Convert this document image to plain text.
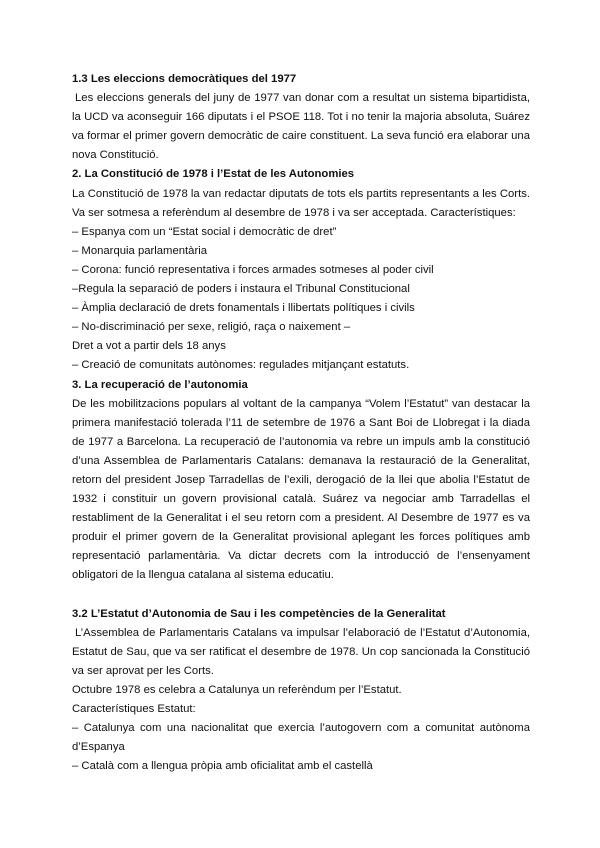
1.3 Les eleccions democràtiques del 1977

Les eleccions generals del juny de 1977 van donar com a resultat un sistema bipartidista, la UCD va aconseguir 166 diputats i el PSOE 118. Tot i no tenir la majoria absoluta, Suárez va formar el primer govern democràtic de caire constituent. La seva funció era elaborar una nova Constitució.

2. La Constitució de 1978 i l’Estat de les Autonomies

La Constitució de 1978 la van redactar diputats de tots els partits representants a les Corts. Va ser sotmesa a referèndum al desembre de 1978 i va ser acceptada. Característiques:

– Espanya com un “Estat social i democràtic de dret”

– Monarquia parlamentària

– Corona: funció representativa i forces armades sotmeses al poder civil

–Regula la separació de poders i instaura el Tribunal Constitucional

– Àmplia declaració de drets fonamentals i llibertats polítiques i civils

– No-discriminació per sexe, religió, raça o naixement –

Dret a vot a partir dels 18 anys

– Creació de comunitats autònomes: regulades mitjançant estatuts.

3. La recuperació de l’autonomia

De les mobilitzacions populars al voltant de la campanya “Volem l’Estatut” van destacar la primera manifestació tolerada l’11 de setembre de 1976 a Sant Boi de Llobregat i la diada de 1977 a Barcelona. La recuperació de l’autonomia va rebre un impuls amb la constitució d’una Assemblea de Parlamentaris Catalans: demanava la restauració de la Generalitat, retorn del president Josep Tarradellas de l’exili, derogació de la llei que abolia l’Estatut de 1932 i constituir un govern provisional català. Suárez va negociar amb Tarradellas el restabliment de la Generalitat i el seu retorn com a president. Al Desembre de 1977 es va produir el primer govern de la Generalitat provisional aplegant les forces polítiques amb representació parlamentària. Va dictar decrets com la introducció de l’ensenyament obligatori de la llengua catalana al sistema educatiu.

3.2 L’Estatut d’Autonomia de Sau i les competències de la Generalitat

L’Assemblea de Parlamentaris Catalans va impulsar l’elaboració de l’Estatut d’Autonomia, Estatut de Sau, que va ser ratificat el desembre de 1978. Un cop sancionada la Constitució va ser aprovat per les Corts.

Octubre 1978 es celebra a Catalunya un referèndum per l’Estatut.

Característiques Estatut:

– Catalunya com una nacionalitat que exercia l’autogovern com a comunitat autònoma d’Espanya

– Català com a llengua pròpia amb oficialitat amb el castellà
